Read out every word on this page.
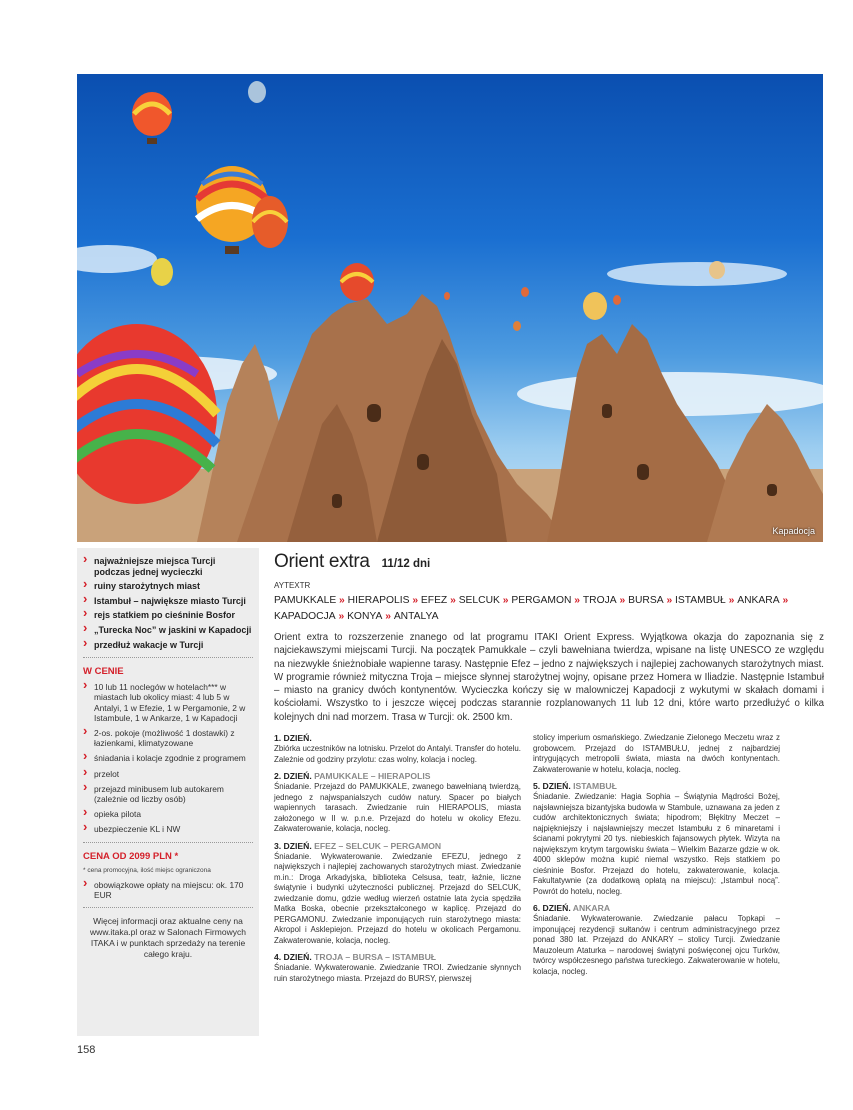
Kapadocja
› najważniejsze miejsca Turcji podczas jednej wycieczki
› ruiny starożytnych miast
› Istambuł – największe miasto Turcji
› rejs statkiem po cieśninie Bosfor
› „Turecka Noc” w jaskini w Kapadocji
› przedłuż wakacje w Turcji
W CENIE
› 10 lub 11 noclegów w hotelach*** w miastach lub okolicy miast: 4 lub 5 w Antalyi, 1 w Efezie, 1 w Pergamonie, 2 w Istambule, 1 w Ankarze, 1 w Kapadocji
› 2-os. pokoje (możliwość 1 dostawki) z łazienkami, klimatyzowane
› śniadania i kolacje zgodnie z programem
› przelot
› przejazd minibusem lub autokarem (zależnie od liczby osób)
› opieka pilota
› ubezpieczenie KL i NW
CENA OD 2099 PLN *
* cena promocyjna, ilość miejsc ograniczona
› obowiązkowe opłaty na miejscu: ok. 170 EUR
Więcej informacji oraz aktualne ceny na www.itaka.pl oraz w Salonach Firmowych ITAKA i w punktach sprzedaży na terenie całego kraju.
158
Orient extra 11/12 dni
AYTEXTR
PAMUKKALE » HIERAPOLIS » EFEZ » SELCUK » PERGAMON » TROJA » BURSA » ISTAMBUŁ » ANKARA » KAPADOCJA » KONYA » ANTALYA

Orient extra to rozszerzenie znanego od lat programu ITAKI Orient Express. Wyjątkowa okazja do zapoznania się z najciekawszymi miejscami Turcji. Na początek Pamukkale – czyli bawełniana twierdza, wpisane na listę UNESCO ze względu na niezwykłe śnieżnobiałe wapienne tarasy. Następnie Efez – jedno z największych i najlepiej zachowanych starożytnych miast. W programie również mityczna Troja – miejsce słynnej starożytnej wojny, opisane przez Homera w Iliadzie. Następnie Istambuł – miasto na granicy dwóch kontynentów. Wycieczka kończy się w malowniczej Kapadocji z wykutymi w skałach domami i kościołami. Wszystko to i jeszcze więcej podczas starannie rozplanowanych 11 lub 12 dni, które warto przedłużyć o kilka kolejnych dni nad morzem. Trasa w Turcji: ok. 2500 km.

1. DZIEŃ.
Zbiórka uczestników na lotnisku. Przelot do Antalyi. Transfer do hotelu. Zależnie od godziny przylotu: czas wolny, kolacja i nocleg.
2. DZIEŃ. PAMUKKALE – HIERAPOLIS
Śniadanie. Przejazd do PAMUKKALE, zwanego bawełnianą twierdzą, jednego z najwspanialszych cudów natury. Spacer po białych wapiennych tarasach. Zwiedzanie ruin HIERAPOLIS, miasta założonego w II w. p.n.e. Przejazd do hotelu w okolicy Efezu. Zakwaterowanie, kolacja, nocleg.
3. DZIEŃ. EFEZ – SELCUK – PERGAMON
Śniadanie. Wykwaterowanie. Zwiedzanie EFEZU, jednego z największych i najlepiej zachowanych starożytnych miast. Zwiedzanie m.in.: Droga Arkadyjska, biblioteka Celsusa, teatr, łaźnie, liczne świątynie i budynki użyteczności publicznej. Przejazd do SELCUK, zwiedzanie domu, gdzie według wierzeń ostatnie lata życia spędziła Matka Boska, obecnie przekształconego w kaplicę. Przejazd do PERGAMONU. Zwiedzanie imponujących ruin starożytnego miasta: Akropol i Asklepiejon. Przejazd do hotelu w okolicach Pergamonu. Zakwaterowanie, kolacja, nocleg.
4. DZIEŃ. TROJA – BURSA – ISTAMBUŁ
Śniadanie. Wykwaterowanie. Zwiedzanie TROI. Zwiedzanie słynnych ruin starożytnego miasta. Przejazd do BURSY, pierwszej
stolicy imperium osmańskiego. Zwiedzanie Zielonego Meczetu wraz z grobowcem. Przejazd do ISTAMBUŁU, jednej z najbardziej intrygujących metropolii świata, miasta na dwóch kontynentach. Zakwaterowanie w hotelu, kolacja, nocleg.
5. DZIEŃ. ISTAMBUŁ
Śniadanie. Zwiedzanie: Hagia Sophia – Świątynia Mądrości Bożej, najsławniejsza bizantyjska budowla w Stambule, uznawana za jeden z cudów architektonicznych świata; hipodrom; Błękitny Meczet – najpiękniejszy i najsławniejszy meczet Istambułu z 6 minaretami i ścianami pokrytymi 20 tys. niebieskich fajansowych płytek. Wizyta na największym krytym targowisku świata – Wielkim Bazarze gdzie w ok. 4000 sklepów można kupić niemal wszystko. Rejs statkiem po cieśninie Bosfor. Przejazd do hotelu, zakwaterowanie, kolacja. Fakultatywnie (za dodatkową opłatą na miejscu): „Istambuł nocą”. Powrót do hotelu, nocleg.
6. DZIEŃ. ANKARA
Śniadanie. Wykwaterowanie. Zwiedzanie pałacu Topkapi – imponującej rezydencji sułtanów i centrum administracyjnego przez ponad 380 lat. Przejazd do ANKARY – stolicy Turcji. Zwiedzanie Mauzoleum Ataturka – narodowej świątyni poświęconej ojcu Turków, twórcy współczesnego państwa tureckiego. Zakwaterowanie w hotelu, kolacja, nocleg.
